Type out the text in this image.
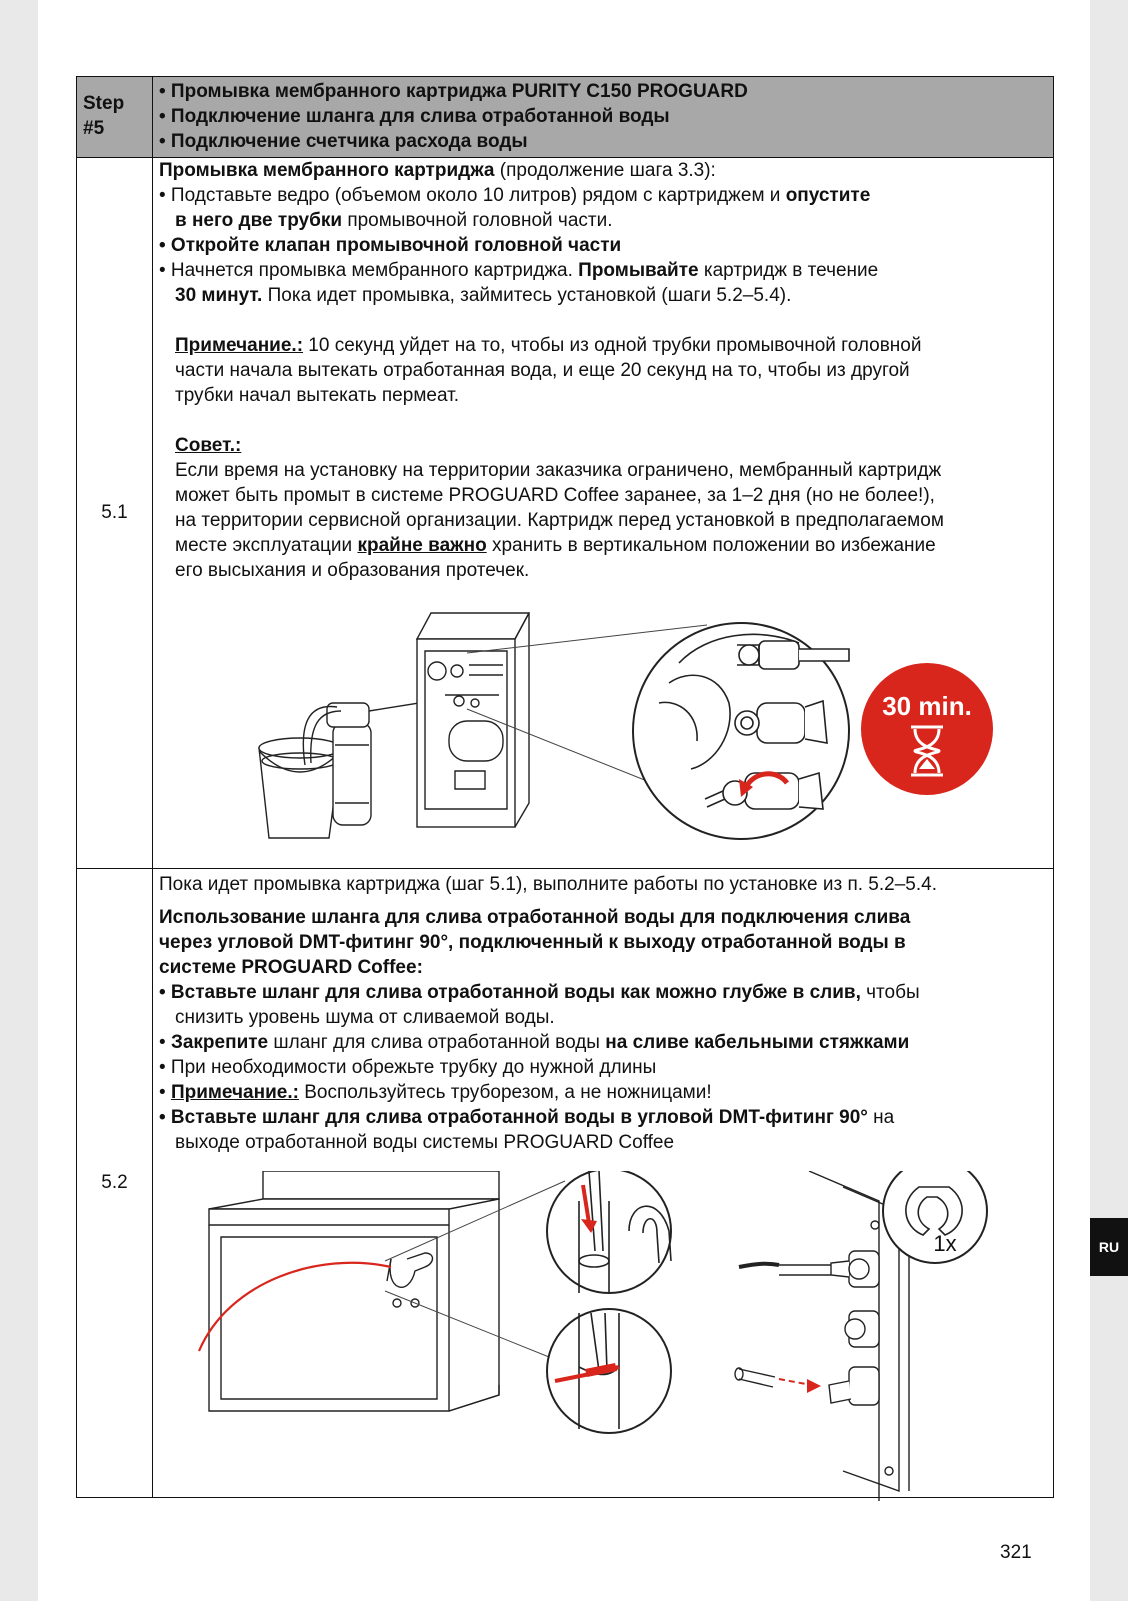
RU
Step
#5
• Промывка мембранного картриджа PURITY C150 PROGUARD
• Подключение шланга для слива отработанной воды
• Подключение счетчика расхода воды
5.1
Промывка мембранного картриджа (продолжение шага 3.3):
• Подставьте ведро (объемом около 10 литров) рядом с картриджем и опустите
в него две трубки промывочной головной части.
• Откройте клапан промывочной головной части
• Начнется промывка мембранного картриджа. Промывайте картридж в течение
30 минут. Пока идет промывка, займитесь установкой (шаги 5.2–5.4).
Примечание.: 10 секунд уйдет на то, чтобы из одной трубки промывочной головной
части начала вытекать отработанная вода, и еще 20 секунд на то, чтобы из другой
трубки начал вытекать пермеат.
Совет.:
Если время на установку на территории заказчика ограничено, мембранный картридж
может быть промыт в системе PROGUARD Coffee заранее, за 1–2 дня (но не более!),
на территории сервисной организации. Картридж перед установкой в предполагаемом
месте эксплуатации крайне важно хранить в вертикальном положении во избежание
его высыхания и образования протечек.
30 min.
5.2
Пока идет промывка картриджа (шаг 5.1), выполните работы по установке из п. 5.2–5.4.
Использование шланга для слива отработанной воды для подключения слива
через угловой DMT-фитинг 90°, подключенный к выходу отработанной воды в
системе PROGUARD Coffee:
• Вставьте шланг для слива отработанной воды как можно глубже в слив, чтобы
снизить уровень шума от сливаемой воды.
• Закрепите шланг для слива отработанной воды на сливе кабельными стяжками
• При необходимости обрежьте трубку до нужной длины
• Примечание.: Воспользуйтесь труборезом, а не ножницами!
• Вставьте шланг для слива отработанной воды в угловой DMT-фитинг 90° на
выходе отработанной воды системы PROGUARD Coffee
1x
321
